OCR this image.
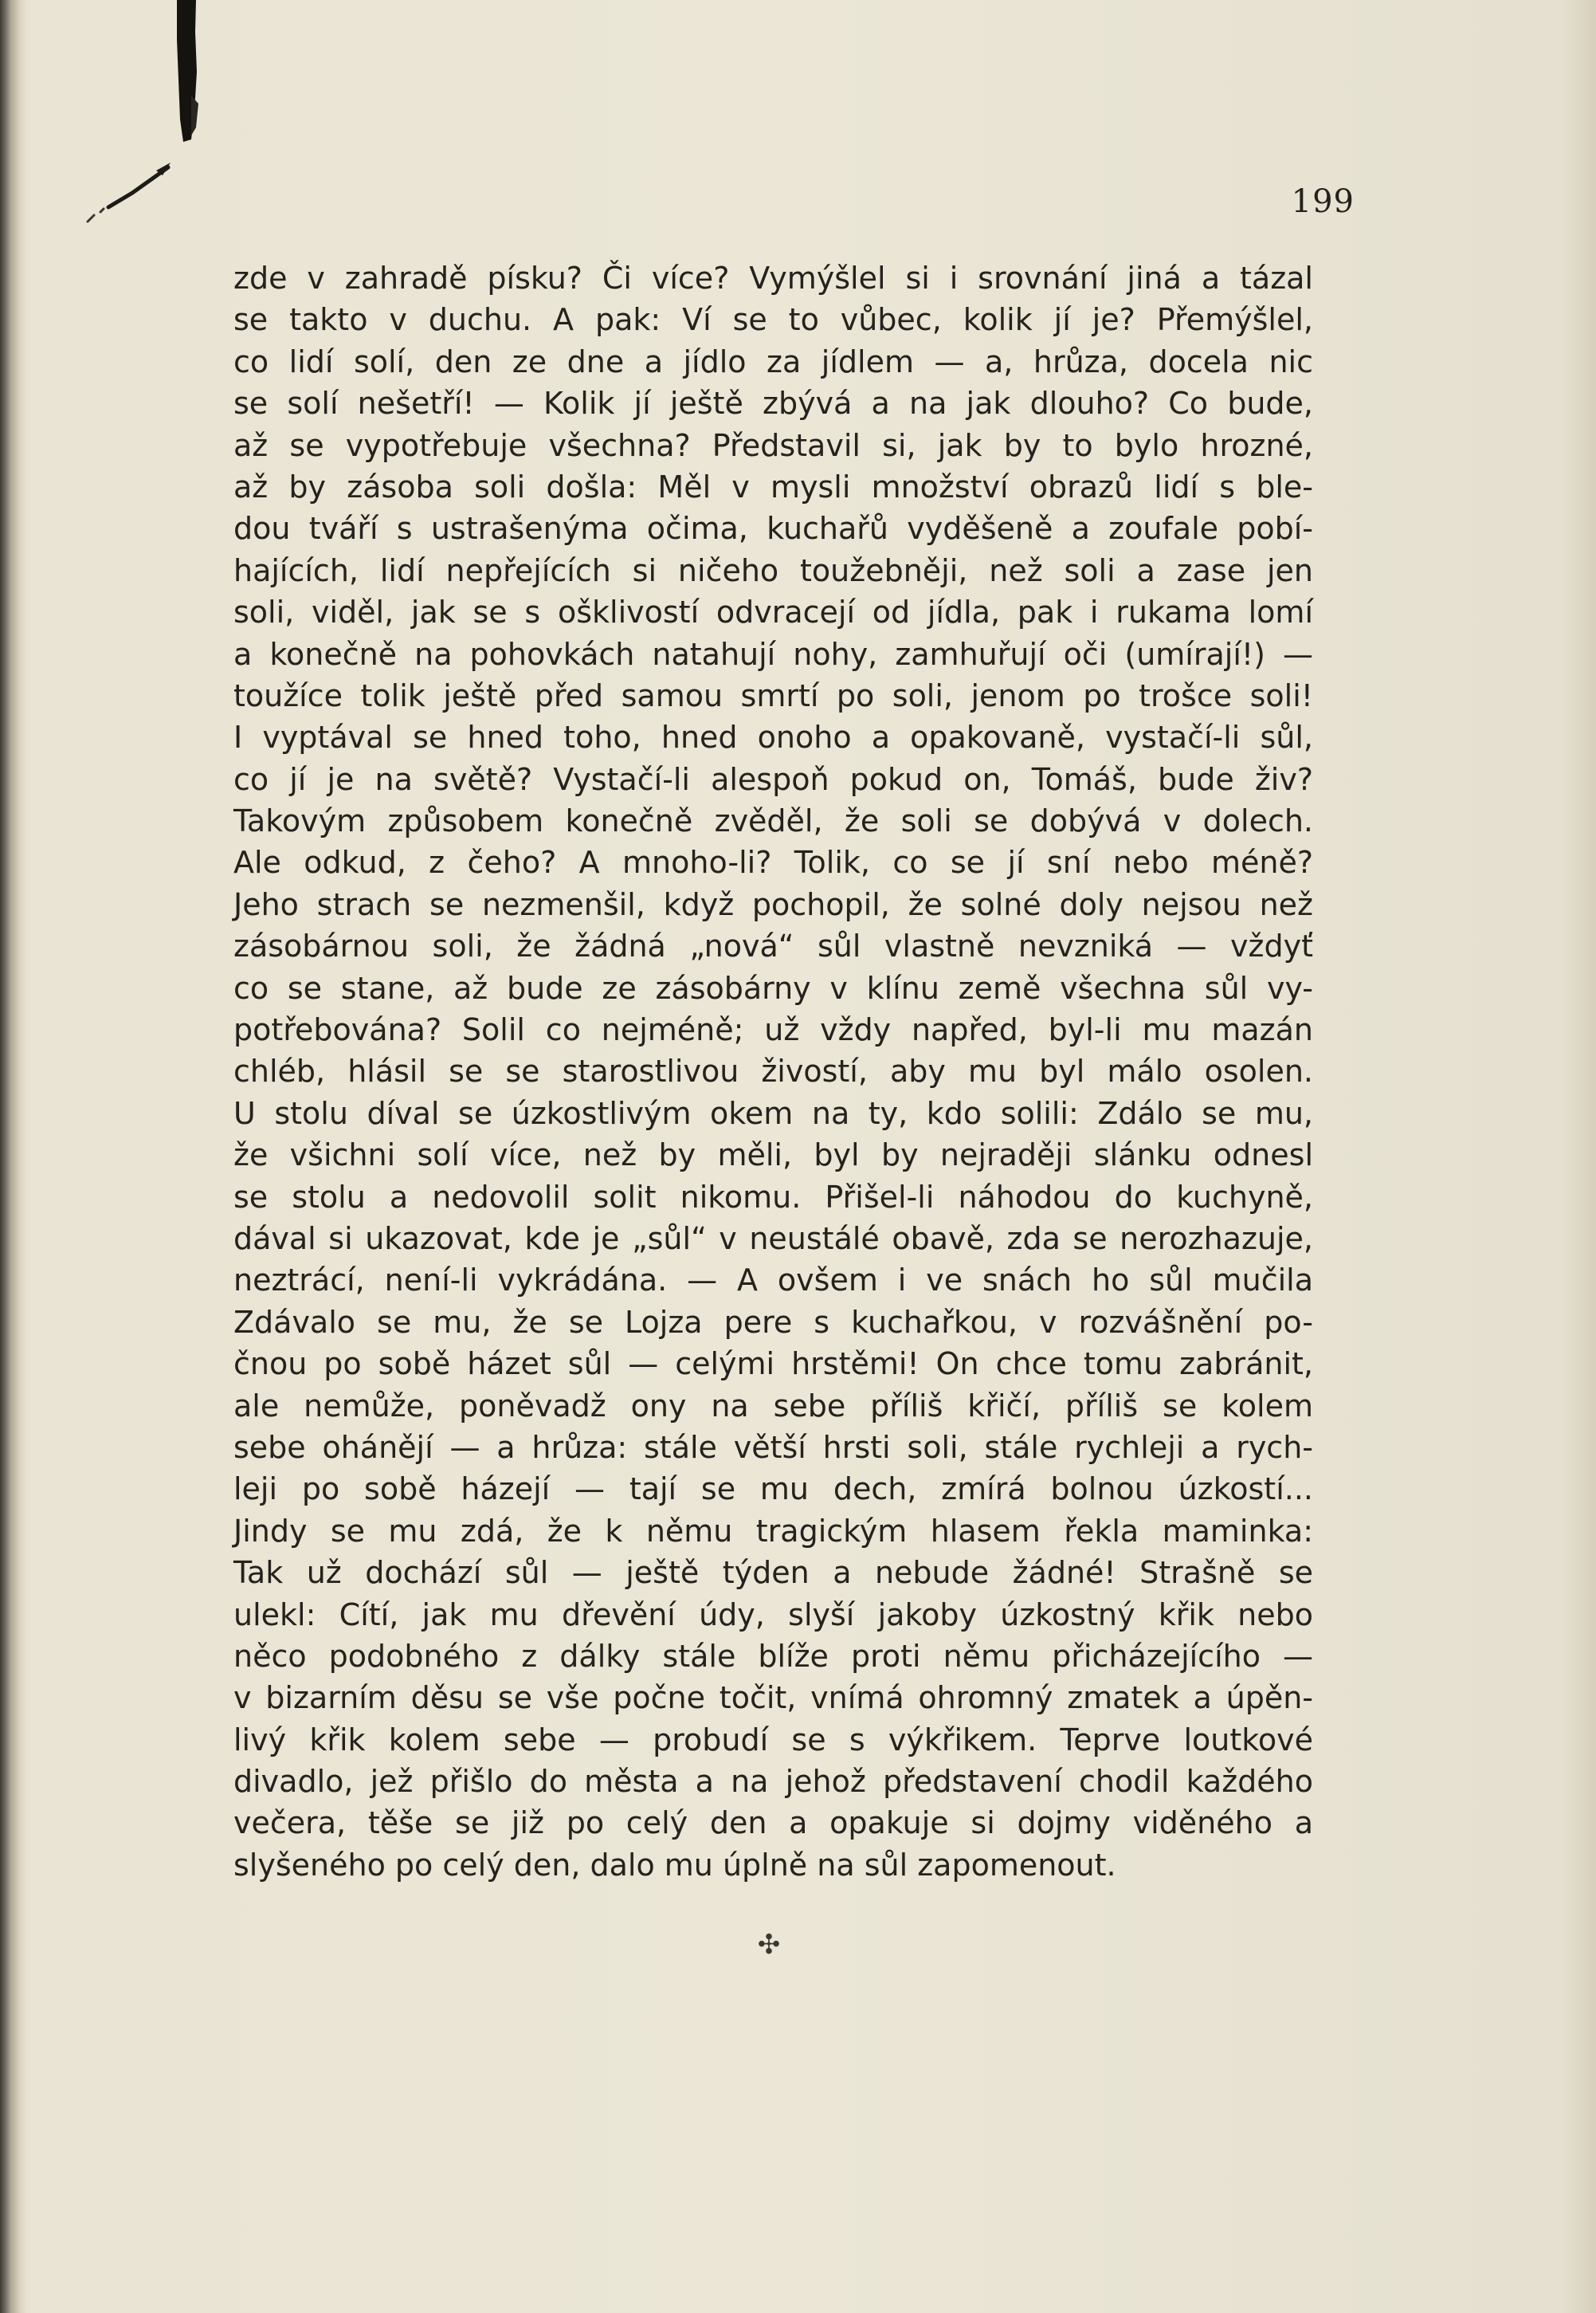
199
zde v zahradě písku? Či více? Vymýšlel si i srovnání jiná a tázal
se takto v duchu. A pak: Ví se to vůbec, kolik jí je? Přemýšlel,
co lidí solí, den ze dne a jídlo za jídlem — a, hrůza, docela nic
se solí nešetří! — Kolik jí ještě zbývá a na jak dlouho? Co bude,
až se vypotřebuje všechna? Představil si, jak by to bylo hrozné,
až by zásoba soli došla: Měl v mysli množství obrazů lidí s ble-
dou tváří s ustrašenýma očima, kuchařů vyděšeně a zoufale pobí-
hajících, lidí nepřejících si ničeho toužebněji, než soli a zase jen
soli, viděl, jak se s ošklivostí odvracejí od jídla, pak i rukama lomí
a konečně na pohovkách natahují nohy, zamhuřují oči (umírají!) —
toužíce tolik ještě před samou smrtí po soli, jenom po trošce soli!
I vyptával se hned toho, hned onoho a opakovaně, vystačí-li sůl,
co jí je na světě? Vystačí-li alespoň pokud on, Tomáš, bude živ?
Takovým způsobem konečně zvěděl, že soli se dobývá v dolech.
Ale odkud, z čeho? A mnoho-li? Tolik, co se jí sní nebo méně?
Jeho strach se nezmenšil, když pochopil, že solné doly nejsou než
zásobárnou soli, že žádná „nová“ sůl vlastně nevzniká — vždyť
co se stane, až bude ze zásobárny v klínu země všechna sůl vy-
potřebována? Solil co nejméně; už vždy napřed, byl-li mu mazán
chléb, hlásil se se starostlivou živostí, aby mu byl málo osolen.
U stolu díval se úzkostlivým okem na ty, kdo solili: Zdálo se mu,
že všichni solí více, než by měli, byl by nejraději slánku odnesl
se stolu a nedovolil solit nikomu. Přišel-li náhodou do kuchyně,
dával si ukazovat, kde je „sůl“ v neustálé obavě, zda se nerozhazuje,
neztrácí, není-li vykrádána. — A ovšem i ve snách ho sůl mučila
Zdávalo se mu, že se Lojza pere s kuchařkou, v rozvášnění po-
čnou po sobě házet sůl — celými hrstěmi! On chce tomu zabránit,
ale nemůže, poněvadž ony na sebe příliš křičí, příliš se kolem
sebe ohánějí — a hrůza: stále větší hrsti soli, stále rychleji a rych-
leji po sobě házejí — tají se mu dech, zmírá bolnou úzkostí...
Jindy se mu zdá, že k němu tragickým hlasem řekla maminka:
Tak už dochází sůl — ještě týden a nebude žádné! Strašně se
ulekl: Cítí, jak mu dřevění údy, slyší jakoby úzkostný křik nebo
něco podobného z dálky stále blíže proti němu přicházejícího —
v bizarním děsu se vše počne točit, vnímá ohromný zmatek a úpěn-
livý křik kolem sebe — probudí se s výkřikem. Teprve loutkové
divadlo, jež přišlo do města a na jehož představení chodil každého
večera, těše se již po celý den a opakuje si dojmy viděného a
slyšeného po celý den, dalo mu úplně na sůl zapomenout.
✣
